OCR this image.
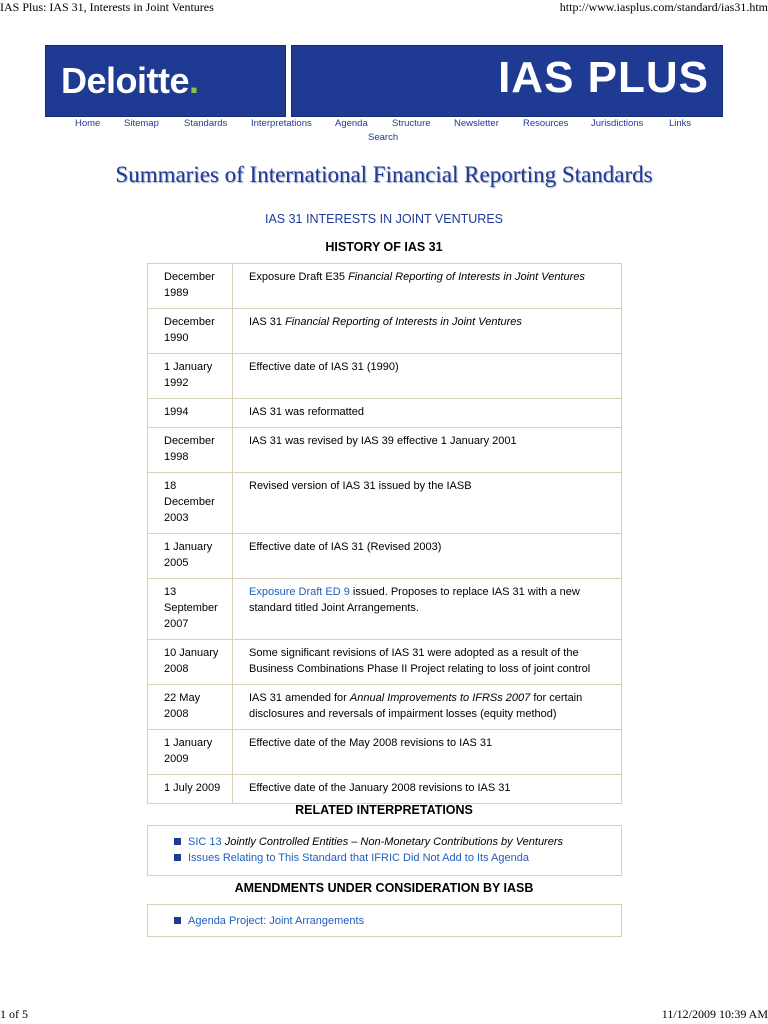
IAS Plus: IAS 31, Interests in Joint Ventures	http://www.iasplus.com/standard/ias31.htm
Deloitte.	IAS PLUS
Home Sitemap	Standards Interpretations Agenda	Structure Newsletter	Resources Jurisdictions	Links
Search
Summaries of International Financial Reporting Standards
IAS 31 INTERESTS IN JOINT VENTURES
HISTORY OF IAS 31
December 1989	Exposure Draft E35 Financial Reporting of Interests in Joint Ventures
December 1990	IAS 31 Financial Reporting of Interests in Joint Ventures
1 January 1992	Effective date of IAS 31 (1990)
1994	IAS 31 was reformatted
December 1998	IAS 31 was revised by IAS 39 effective 1 January 2001
18 December 2003	Revised version of IAS 31 issued by the IASB
1 January 2005	Effective date of IAS 31 (Revised 2003)
13 September 2007	Exposure Draft ED 9 issued. Proposes to replace IAS 31 with a new standard titled Joint Arrangements.
10 January 2008	Some significant revisions of IAS 31 were adopted as a result of the Business Combinations Phase II Project relating to loss of joint control
22 May 2008	IAS 31 amended for Annual Improvements to IFRSs 2007 for certain disclosures and reversals of impairment losses (equity method)
1 January 2009	Effective date of the May 2008 revisions to IAS 31
1 July 2009	Effective date of the January 2008 revisions to IAS 31
RELATED INTERPRETATIONS
SIC 13 Jointly Controlled Entities – Non-Monetary Contributions by Venturers
Issues Relating to This Standard that IFRIC Did Not Add to Its Agenda
AMENDMENTS UNDER CONSIDERATION BY IASB
Agenda Project: Joint Arrangements
1 of 5	11/12/2009 10:39 AM
